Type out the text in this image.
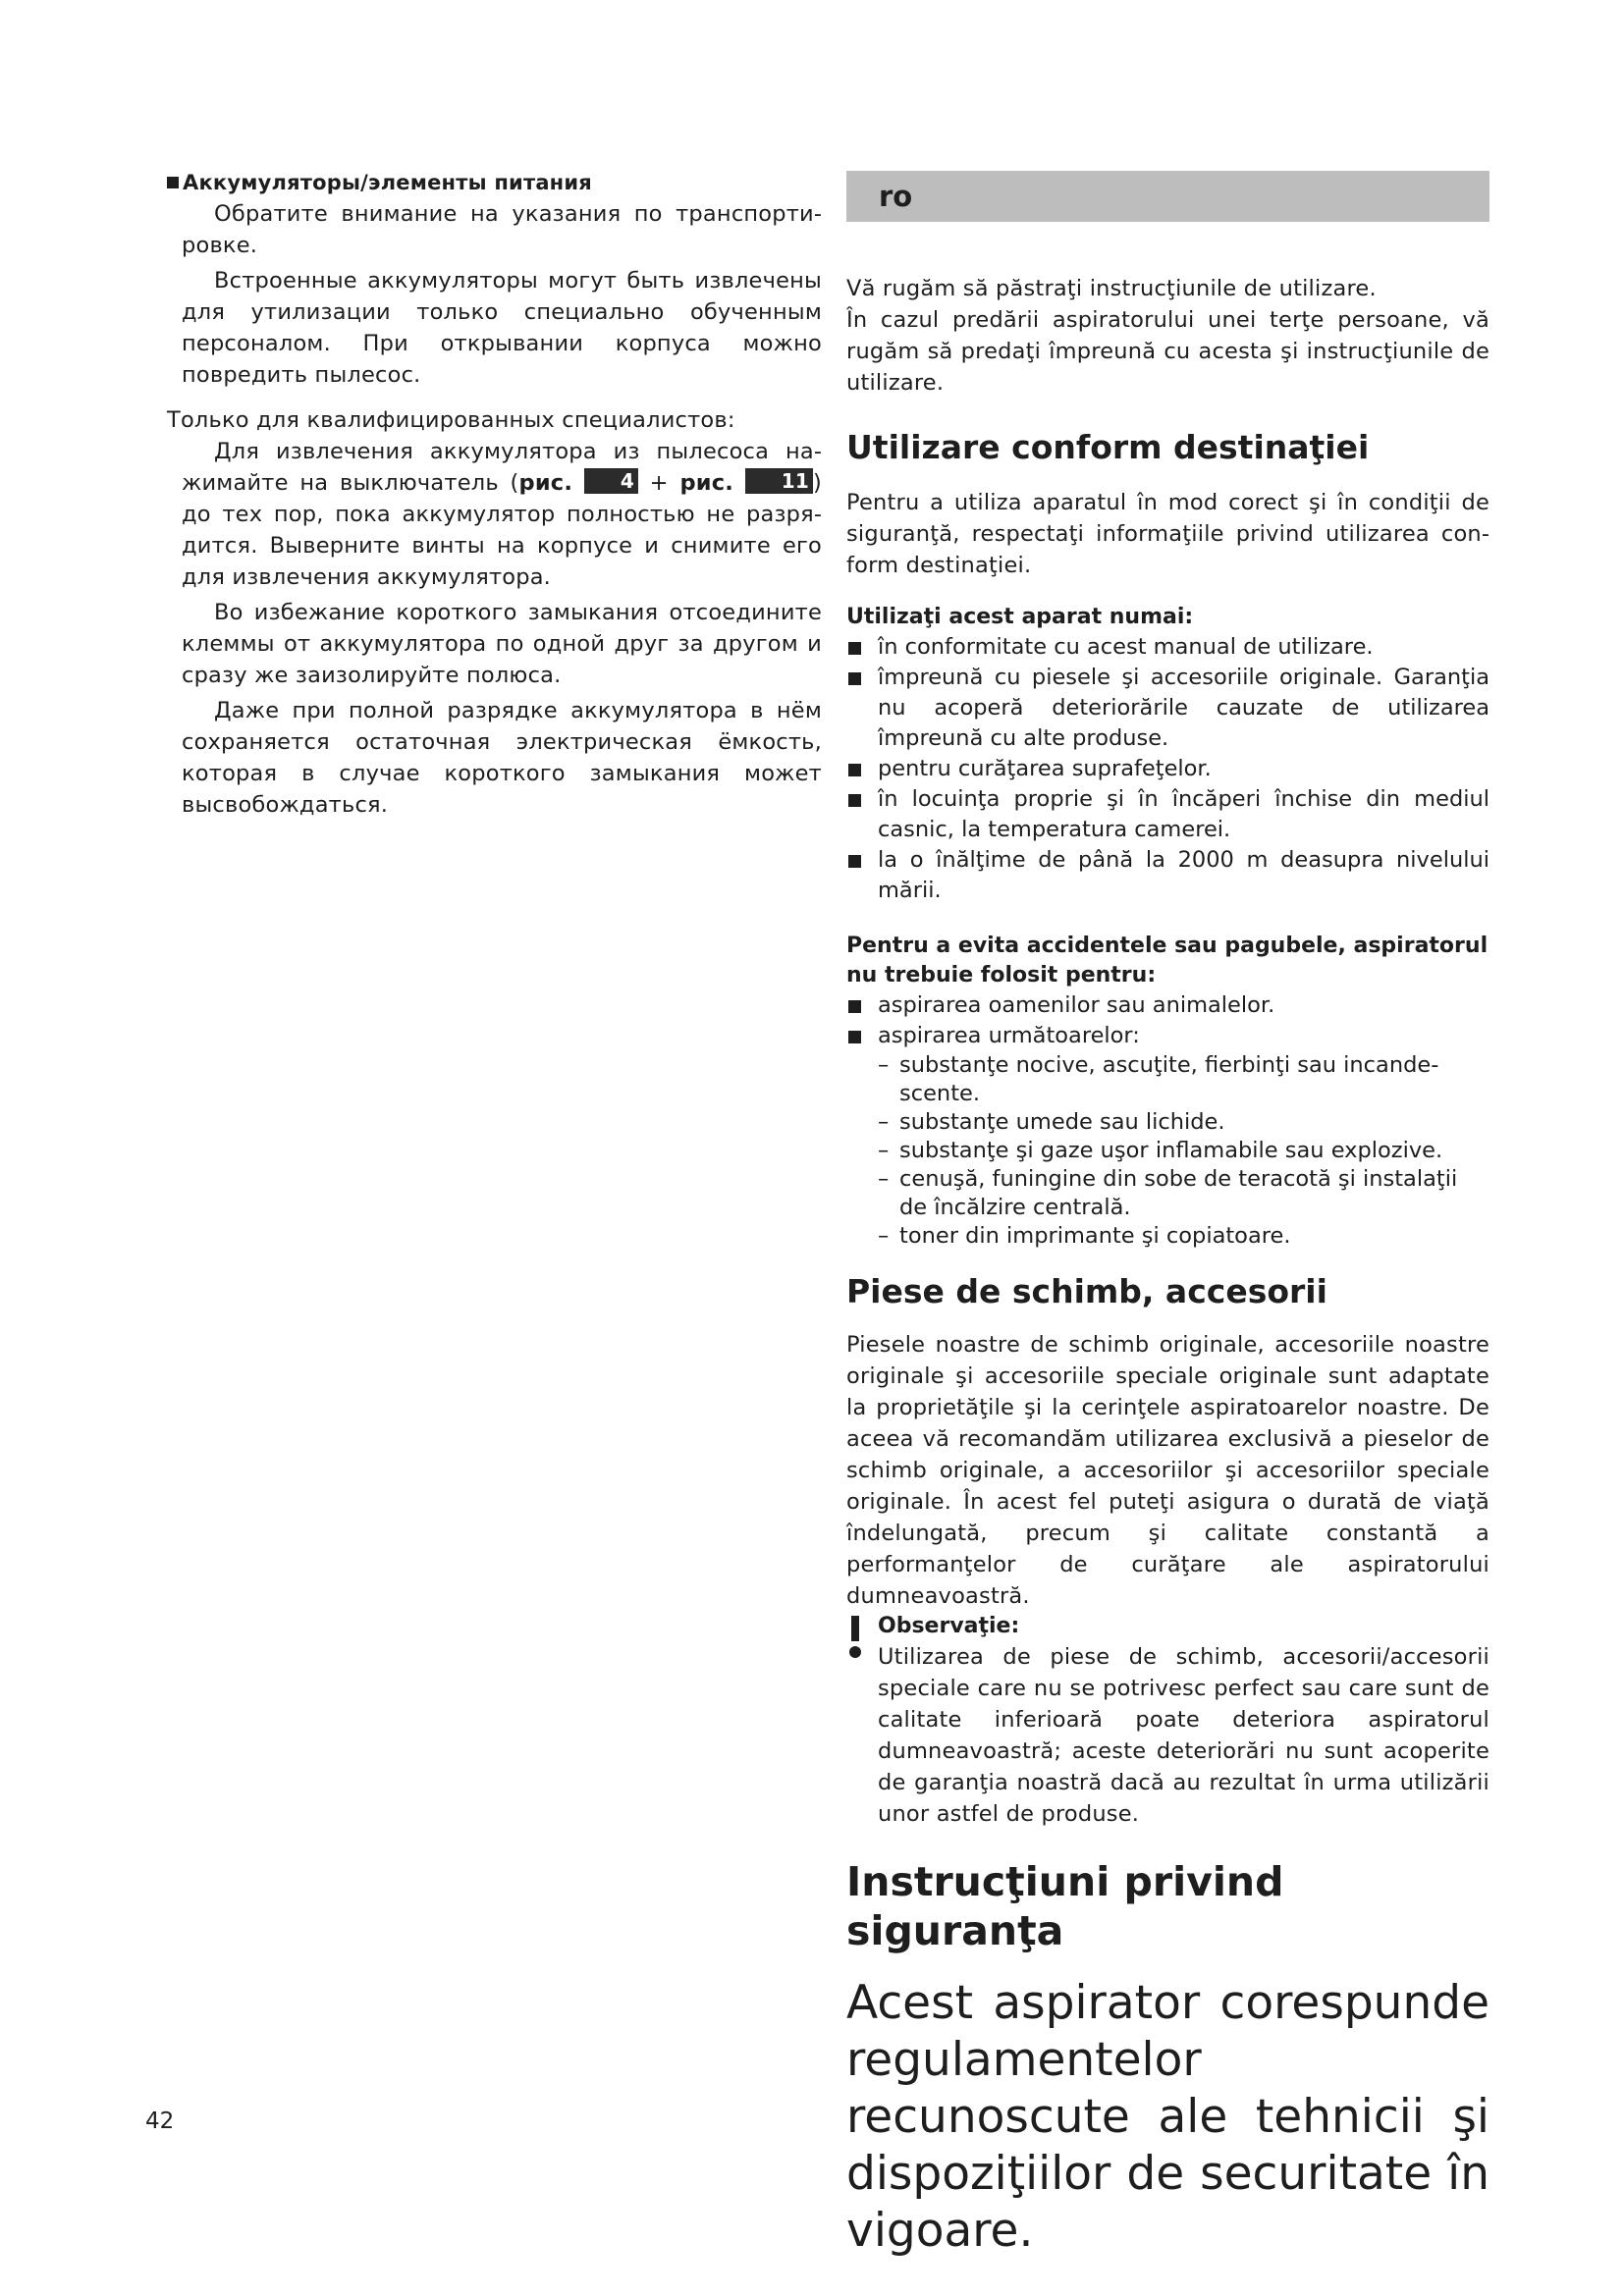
Аккумуляторы/элементы питания

Обратите внимание на указания по транспортировке.

Встроенные аккумуляторы могут быть извлечены для утилизации только специально обученным персоналом. При открывании корпуса можно повредить пылесос.

Только для квалифицированных специалистов:

Для извлечения аккумулятора из пылесоса нажимайте на выключатель (рис. 4 + рис. 11 ) до тех пор, пока аккумулятор полностью не разрядится. Выверните винты на корпусе и снимите его для извлечения аккумулятора.

Во избежание короткого замыкания отсоедините клеммы от аккумулятора по одной друг за другом и сразу же заизолируйте полюса.

Даже при полной разрядке аккумулятора в нём сохраняется остаточная электрическая ёмкость, которая в случае короткого замыкания может высвобождаться.

ro

Vă rugăm să păstraţi instrucţiunile de utilizare.

În cazul predării aspiratorului unei terţe persoane, vă rugăm să predaţi împreună cu acesta şi instrucţiunile de utilizare.

Utilizare conform destinaţiei

Pentru a utiliza aparatul în mod corect şi în condiţii de siguranţă, respectaţi informaţiile privind utilizarea conform destinaţiei.

Utilizaţi acest aparat numai:

în conformitate cu acest manual de utilizare.
împreună cu piesele şi accesoriile originale. Garanţia nu acoperă deteriorările cauzate de utilizarea împreună cu alte produse.
pentru curăţarea suprafeţelor.
în locuinţa proprie şi în încăperi închise din mediul casnic, la temperatura camerei.
la o înălţime de până la 2000 m deasupra nivelului mării.

Pentru a evita accidentele sau pagubele, aspiratorul nu trebuie folosit pentru:

aspirarea oamenilor sau animalelor.
aspirarea următoarelor:
– substanţe nocive, ascuţite, fierbinţi sau incandescente.
– substanţe umede sau lichide.
– substanţe şi gaze uşor inflamabile sau explozive.
– cenuşă, funingine din sobe de teracotă şi instalaţii de încălzire centrală.
– toner din imprimante şi copiatoare.
Piese de schimb, accesorii

Piesele noastre de schimb originale, accesoriile noastre originale şi accesoriile speciale originale sunt adaptate la proprietăţile şi la cerinţele aspiratoarelor noastre. De aceea vă recomandăm utilizarea exclusivă a pieselor de schimb originale, a accesoriilor şi accesoriilor speciale originale. În acest fel puteţi asigura o durată de viaţă îndelungată, precum şi calitate constantă a performanţelor de curăţare ale aspiratorului dumneavoastră.

Observaţie:

Utilizarea de piese de schimb, accesorii/accesorii speciale care nu se potrivesc perfect sau care sunt de calitate inferioară poate deteriora aspiratorul dumneavoastră; aceste deteriorări nu sunt acoperite de garanţia noastră dacă au rezultat în urma utilizării unor astfel de produse.

Instrucţiuni privind siguranţa

Acest aspirator corespunde regulamentelor recunoscute ale tehnicii şi dispoziţiilor de securitate în vigoare.

42
